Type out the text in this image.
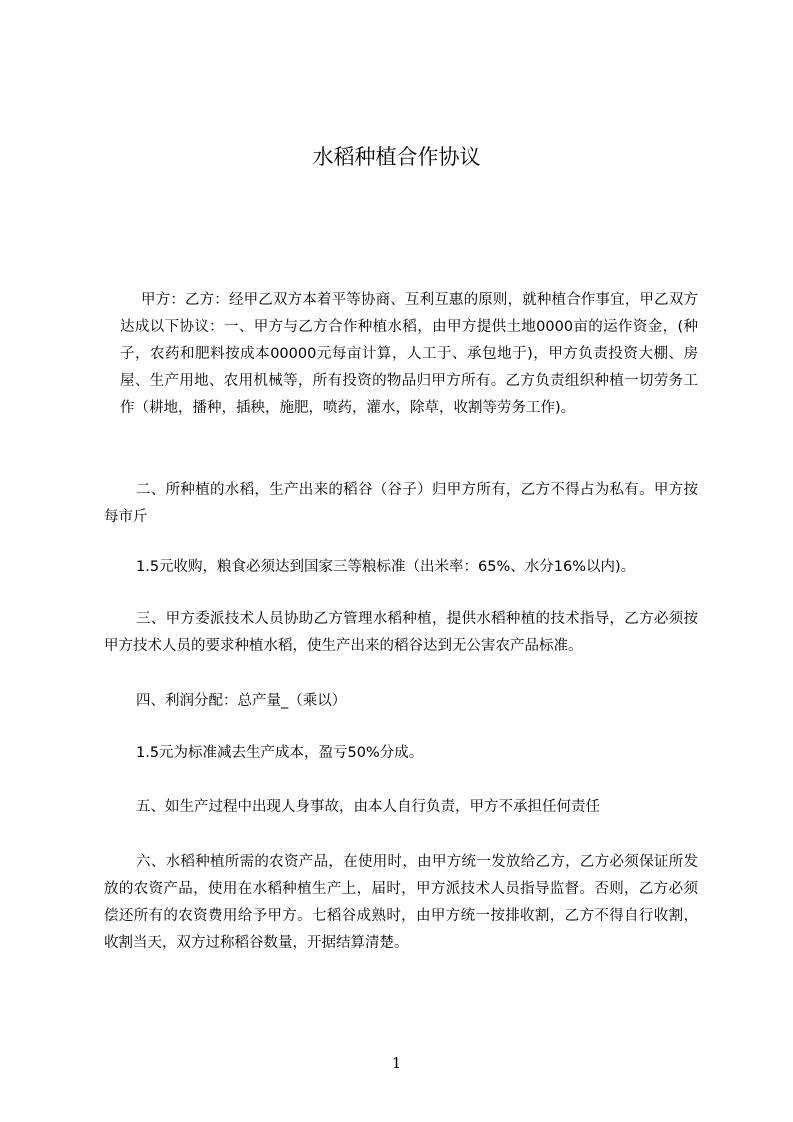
水稻种植合作协议

甲方：乙方：经甲乙双方本着平等协商、互利互惠的原则，就种植合作事宜，甲乙双方达成以下协议：一、甲方与乙方合作种植水稻，由甲方提供土地0000亩的运作资金，(种子，农药和肥料按成本00000元每亩计算，人工于、承包地于)，甲方负责投资大棚、房屋、生产用地、农用机械等，所有投资的物品归甲方所有。乙方负责组织种植一切劳务工作（耕地，播种，插秧，施肥，喷药，灌水，除草，收割等劳务工作)。

二、所种植的水稻，生产出来的稻谷（谷子）归甲方所有，乙方不得占为私有。甲方按每市斤

1.5元收购，粮食必须达到国家三等粮标准（出米率：65%、水分16%以内)。

三、甲方委派技术人员协助乙方管理水稻种植，提供水稻种植的技术指导，乙方必须按甲方技术人员的要求种植水稻，使生产出来的稻谷达到无公害农产品标准。

四、利润分配：总产量_（乘以）

1.5元为标准减去生产成本，盈亏50%分成。

五、如生产过程中出现人身事故，由本人自行负责，甲方不承担任何责任

六、水稻种植所需的农资产品，在使用时，由甲方统一发放给乙方，乙方必须保证所发放的农资产品，使用在水稻种植生产上，届时，甲方派技术人员指导监督。否则，乙方必须偿还所有的农资费用给予甲方。七稻谷成熟时，由甲方统一按排收割，乙方不得自行收割，收割当天，双方过称稻谷数量，开据结算清楚。

1
